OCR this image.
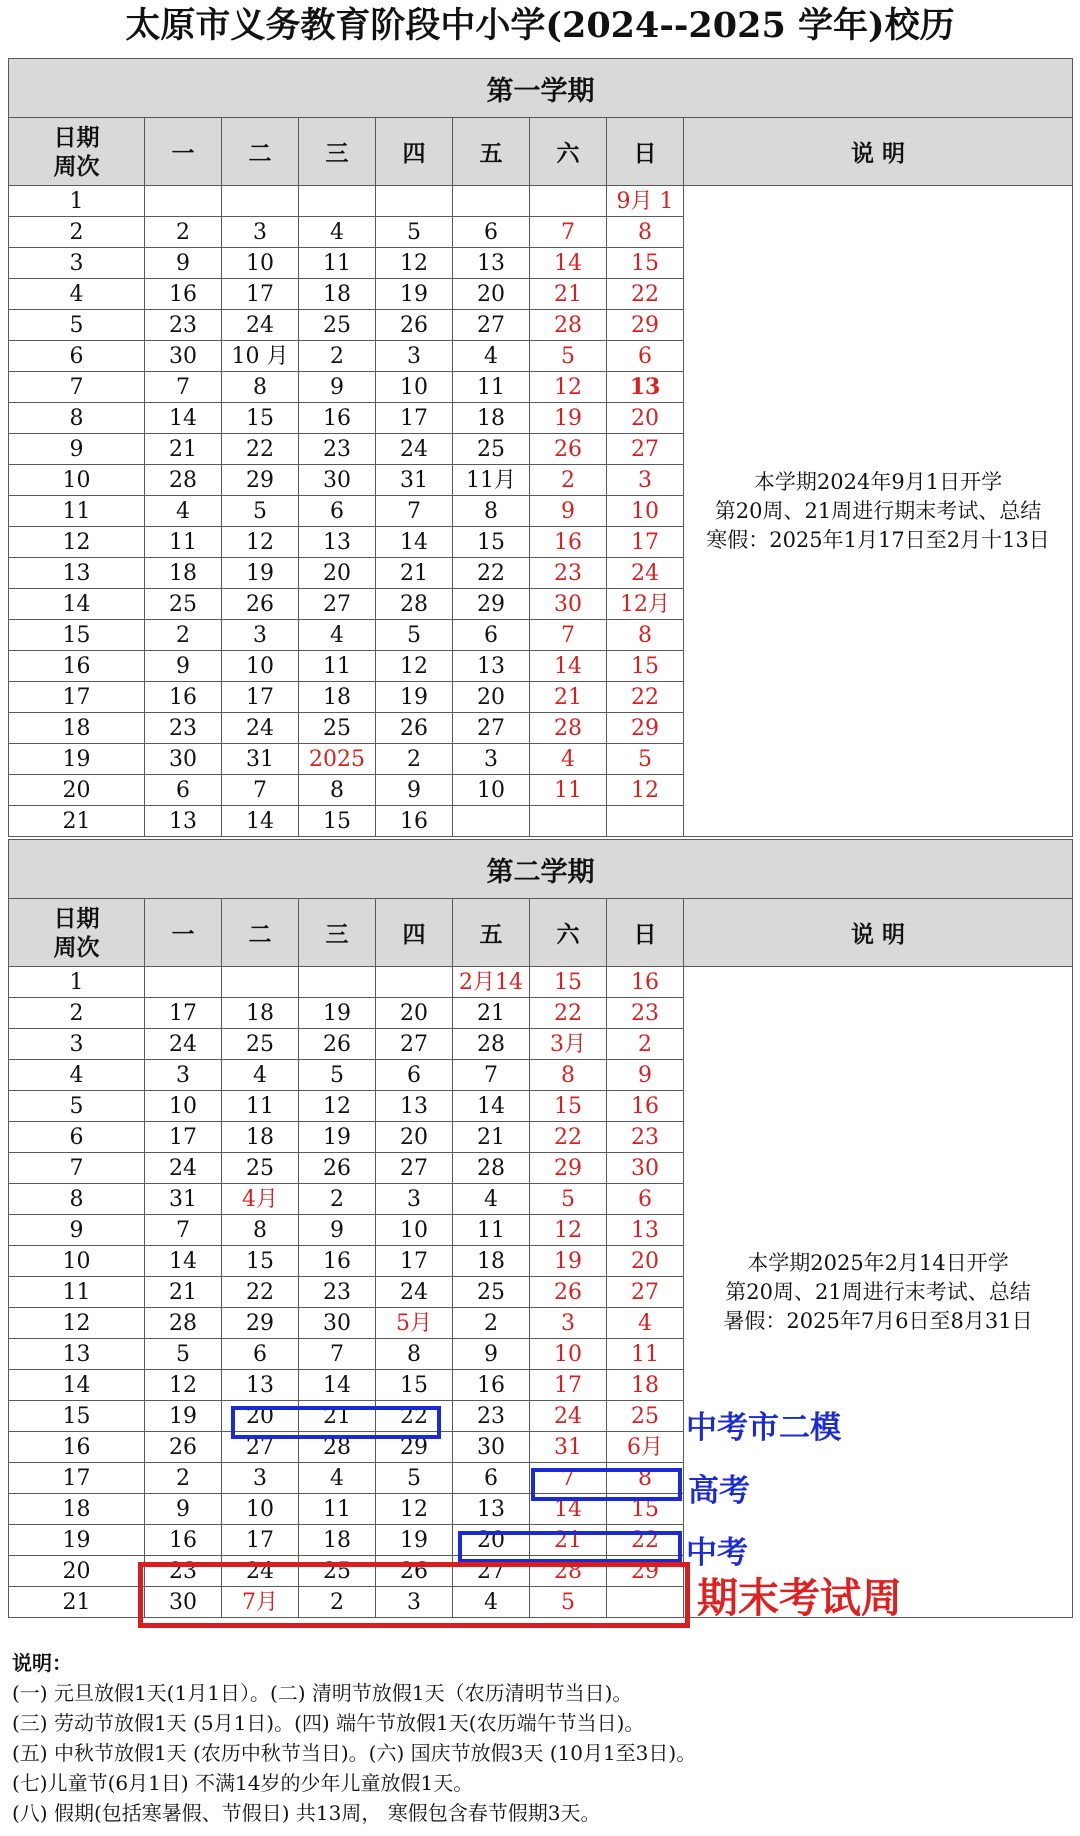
太原市义务教育阶段中小学(2024--2025 学年)校历
第一学期								
日期
周次	一	二	三	四	五	六	日	说 明
1							9月 1	本学期2024年9月1日开学
第20周、21周进行期末考试、总结
寒假：2025年1月17日至2月十13日

2	2	3	4	5	6	7	8	
3	9	10	11	12	13	14	15	
4	16	17	18	19	20	21	22	
5	23	24	25	26	27	28	29	
6	30	10 月	2	3	4	5	6	
7	7	8	9	10	11	12	13	
8	14	15	16	17	18	19	20	
9	21	22	23	24	25	26	27	
10	28	29	30	31	11月	2	3	
11	4	5	6	7	8	9	10	
12	11	12	13	14	15	16	17	
13	18	19	20	21	22	23	24	
14	25	26	27	28	29	30	12月	
15	2	3	4	5	6	7	8	
16	9	10	11	12	13	14	15	
17	16	17	18	19	20	21	22	
18	23	24	25	26	27	28	29	
19	30	31	2025	2	3	4	5	
20	6	7	8	9	10	11	12	
21	13	14	15	16				
第二学期								
日期
周次	一	二	三	四	五	六	日	说 明
1					2月14	15	16	本学期2025年2月14日开学
第20周、21周进行末考试、总结
暑假：2025年7月6日至8月31日

2	17	18	19	20	21	22	23	
3	24	25	26	27	28	3月	2	
4	3	4	5	6	7	8	9	
5	10	11	12	13	14	15	16	
6	17	18	19	20	21	22	23	
7	24	25	26	27	28	29	30	
8	31	4月	2	3	4	5	6	
9	7	8	9	10	11	12	13	
10	14	15	16	17	18	19	20	
11	21	22	23	24	25	26	27	
12	28	29	30	5月	2	3	4	
13	5	6	7	8	9	10	11	
14	12	13	14	15	16	17	18	
15	19	20	21	22	23	24	25	
16	26	27	28	29	30	31	6月	
17	2	3	4	5	6	7	8	
18	9	10	11	12	13	14	15	
19	16	17	18	19	20	21	22	
20	23	24	25	26	27	28	29	
21	30	7月	2	3	4	5		
中考市二模
高考
中考
期末考试周
说明：
(一) 元旦放假1天(1月1日）。(二) 清明节放假1天（农历清明节当日)。
(三) 劳动节放假1天 (5月1日)。(四) 端午节放假1天(农历端午节当日)。
(五) 中秋节放假1天 (农历中秋节当日)。(六) 国庆节放假3天 (10月1至3日)。
(七)儿童节(6月1日) 不满14岁的少年儿童放假1天。
(八) 假期(包括寒暑假、节假日) 共13周， 寒假包含春节假期3天。
